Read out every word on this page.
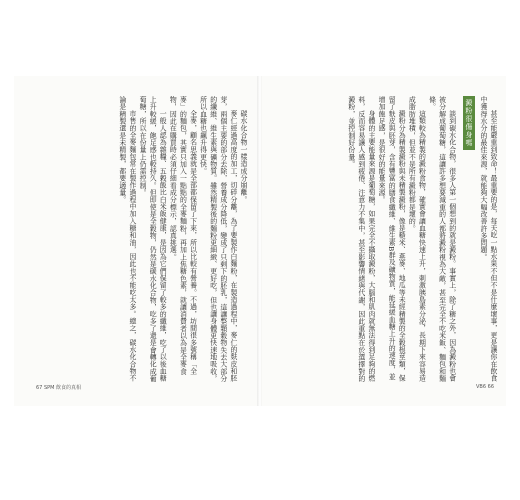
碳水化合物一樣造成分崩離。

麥仁經過高度的加工，切碎分離，為了要製作白麵粉，在製造過程中，麥仁的麩皮和胚芽，兩個主要的部分去除，營養成分降低，變成了只剩下的胚乳，這讓整顆穀物失去大部分的纖維、維生素與礦物質。雖然精製後的麵粉更細緻、更好吃，但也讓身體更快速地吸收，所以血糖也飆升得更快。

全麥，顧名思義就是全部都保留了下來，所以比較有營養。不過，坊間很多號稱「全麥」的麵包，其實只加入一點點的全麥麵粉，再加上焦糖色素，就讓消費者以為是全麥食物，因此在購買時必須仔細看成分標示，認真挑選。

一般人認為雜糧、五穀飯比白米飯健康，是因為它們保留了較多的纖維，吃了以後血糖上升較緩，飽足感也較持久。但即使是全穀物，仍然是碳水化合物，吃多了還是會轉化成葡萄糖，所以在份量上仍需控制。

市售的全麥麵包常在製作過程中加入糖和油，因此也不能吃太多。總之，碳水化合物不論是精製還是未精製，都要適量。

67 SPM 飲食的真相

甚至能嚴重到致命！最重要的是，每天吃一點水果不但不是什麼壞事，更是讓你在飲食中獲得水分的最佳來源，就能夠大幅改善許多問題。

澱粉很傷身嗎

談到碳水化合物，很多人第一個想到的就是澱粉。事實上，除了糖之外，因為澱粉也會被分解成葡萄糖，這讓許多想要減重的人都將澱粉視為大敵，甚至完全不吃米飯、麵包和麵條。

這類較為精製的澱粉食物，確實會讓血糖快速上升，刺激胰島素分泌，長期下來容易造成脂肪堆積，但並不是所有澱粉都是壞的。

澱粉分為精製澱粉與未精製澱粉，像是糙米、燕麥、地瓜等未經精製的全穀根莖類，保留了麩皮與胚芽，含有豐富的膳食纖維、維生素B群及礦物質，能延緩血糖上升的速度，並增加飽足感，是很好的能量來源。

身體的主要能量來源是葡萄糖，如果完全不攝取澱粉，大腦和肌肉就無法得到足夠的燃料，反而容易讓人感到疲倦、注意力不集中，甚至影響情緒與代謝，因此重點在於選擇對的澱粉，並控制好份量。

VB6 66
